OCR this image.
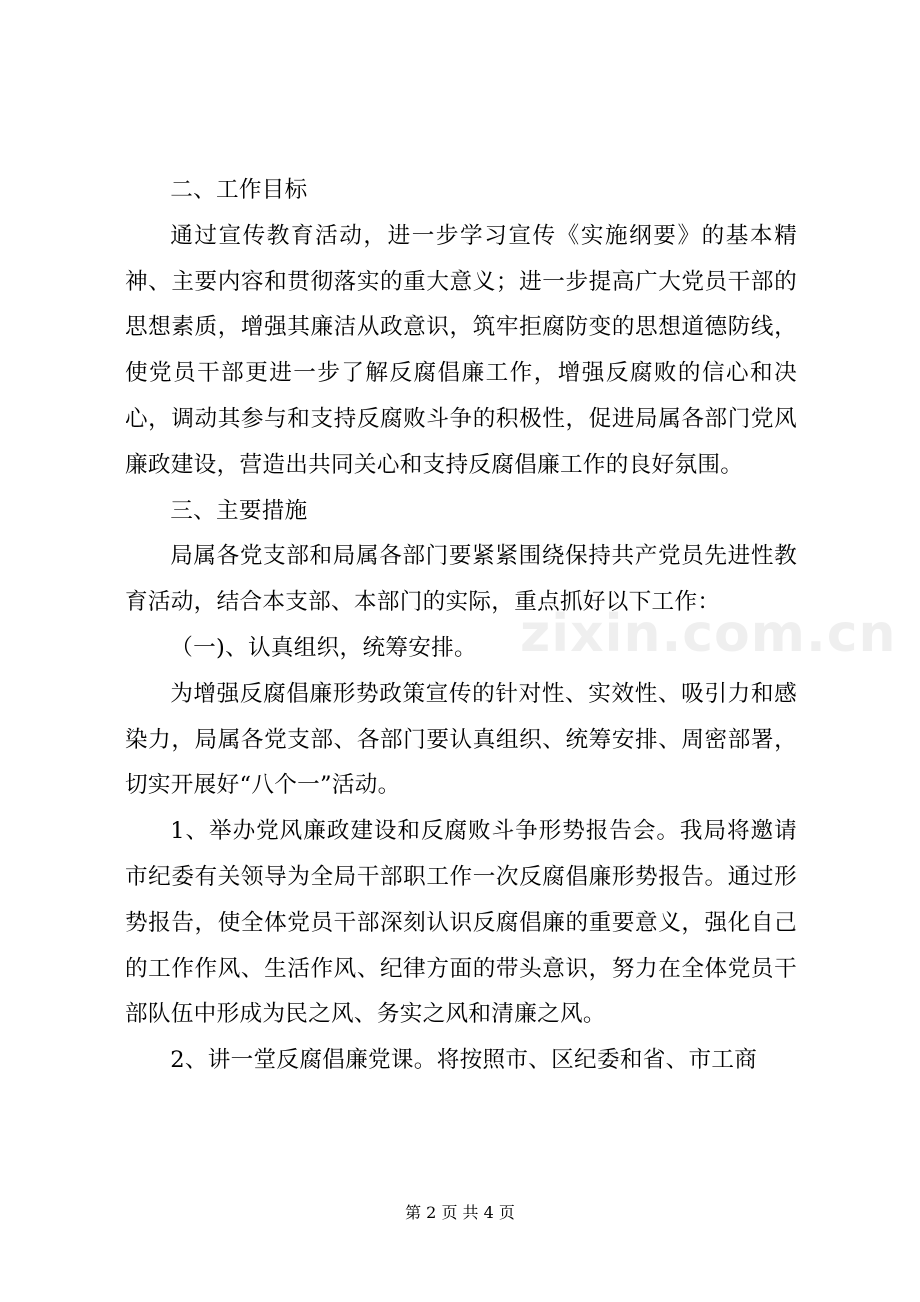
二、工作目标

通过宣传教育活动，进一步学习宣传《实施纲要》的基本精神、主要内容和贯彻落实的重大意义；进一步提高广大党员干部的思想素质，增强其廉洁从政意识，筑牢拒腐防变的思想道德防线，使党员干部更进一步了解反腐倡廉工作，增强反腐败的信心和决心，调动其参与和支持反腐败斗争的积极性，促进局属各部门党风廉政建设，营造出共同关心和支持反腐倡廉工作的良好氛围。

三、主要措施

局属各党支部和局属各部门要紧紧围绕保持共产党员先进性教育活动，结合本支部、本部门的实际，重点抓好以下工作：

（一)、认真组织，统筹安排。

为增强反腐倡廉形势政策宣传的针对性、实效性、吸引力和感染力，局属各党支部、各部门要认真组织、统筹安排、周密部署，切实开展好“八个一”活动。

1、举办党风廉政建设和反腐败斗争形势报告会。我局将邀请市纪委有关领导为全局干部职工作一次反腐倡廉形势报告。通过形势报告，使全体党员干部深刻认识反腐倡廉的重要意义，强化自己的工作作风、生活作风、纪律方面的带头意识，努力在全体党员干部队伍中形成为民之风、务实之风和清廉之风。

2、讲一堂反腐倡廉党课。将按照市、区纪委和省、市工商

zixin.com.cn
第 2 页 共 4 页
